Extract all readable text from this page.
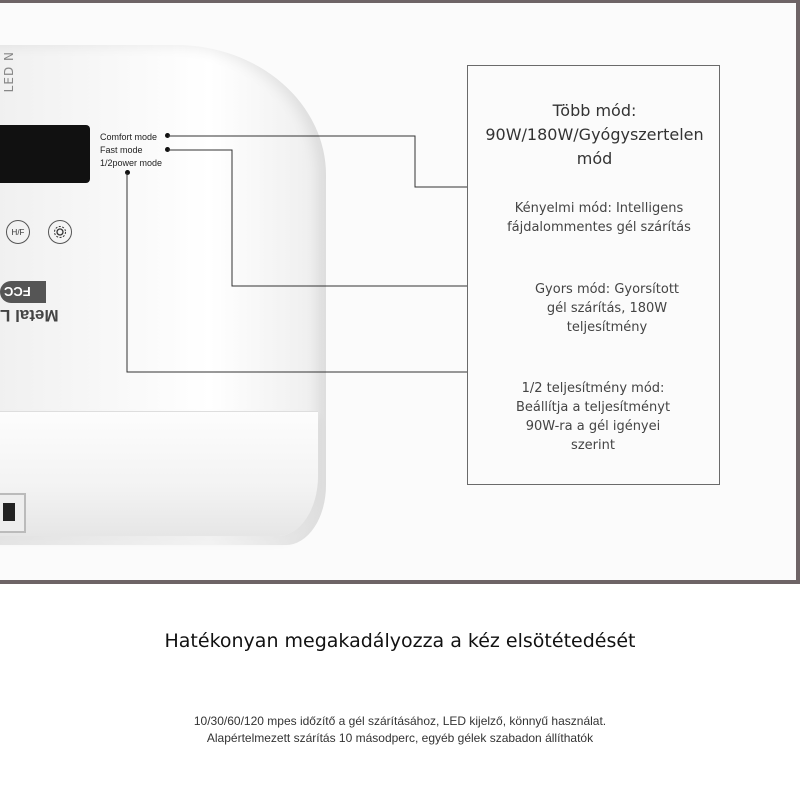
LED N
Comfort mode
Fast mode
1/2power mode
H/F
FCC
Metal L
Több mód: 90W/180W/Gyógyszertelen mód
Kényelmi mód: Intelligens fájdalommentes gél szárítás
Gyors mód: Gyorsított gél szárítás, 180W teljesítmény
1/2 teljesítmény mód: Beállítja a teljesítményt 90W-ra a gél igényei szerint
Hatékonyan megakadályozza a kéz elsötétedését
10/30/60/120 mpes időzítő a gél szárításához, LED kijelző, könnyű használat.
Alapértelmezett szárítás 10 másodperc, egyéb gélek szabadon állíthatók
